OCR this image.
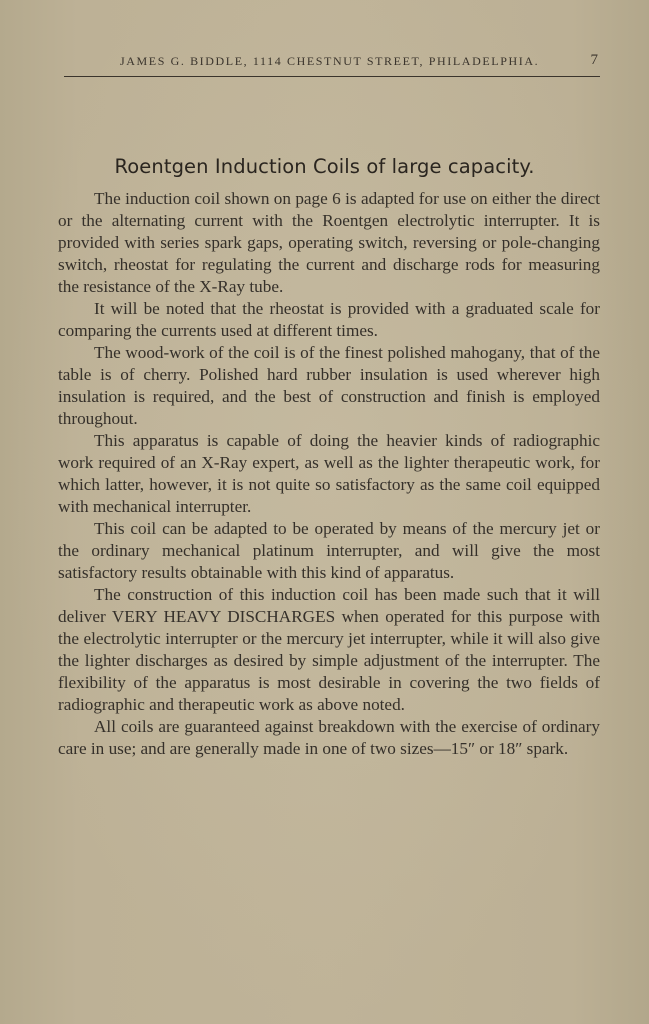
JAMES G. BIDDLE, 1114 CHESTNUT STREET, PHILADELPHIA.	7
Roentgen Induction Coils of large capacity.

The induction coil shown on page 6 is adapted for use on either the direct or the alternating current with the Roentgen electrolytic interrupter. It is provided with series spark gaps, operating switch, reversing or pole-changing switch, rheostat for regulating the current and discharge rods for measuring the resistance of the X-Ray tube.

It will be noted that the rheostat is provided with a graduated scale for comparing the currents used at different times.

The wood-work of the coil is of the finest polished mahogany, that of the table is of cherry. Polished hard rubber insulation is used wherever high insulation is required, and the best of construction and finish is employed throughout.

This apparatus is capable of doing the heavier kinds of radiographic work required of an X-Ray expert, as well as the lighter therapeutic work, for which latter, however, it is not quite so satisfactory as the same coil equipped with mechanical interrupter.

This coil can be adapted to be operated by means of the mercury jet or the ordinary mechanical platinum interrupter, and will give the most satisfactory results obtainable with this kind of apparatus.

The construction of this induction coil has been made such that it will deliver VERY HEAVY DISCHARGES when operated for this purpose with the electrolytic interrupter or the mercury jet interrupter, while it will also give the lighter discharges as desired by simple adjustment of the interrupter. The flexibility of the apparatus is most desirable in covering the two fields of radiographic and therapeutic work as above noted.

All coils are guaranteed against breakdown with the exercise of ordinary care in use; and are generally made in one of two sizes—15″ or 18″ spark.
